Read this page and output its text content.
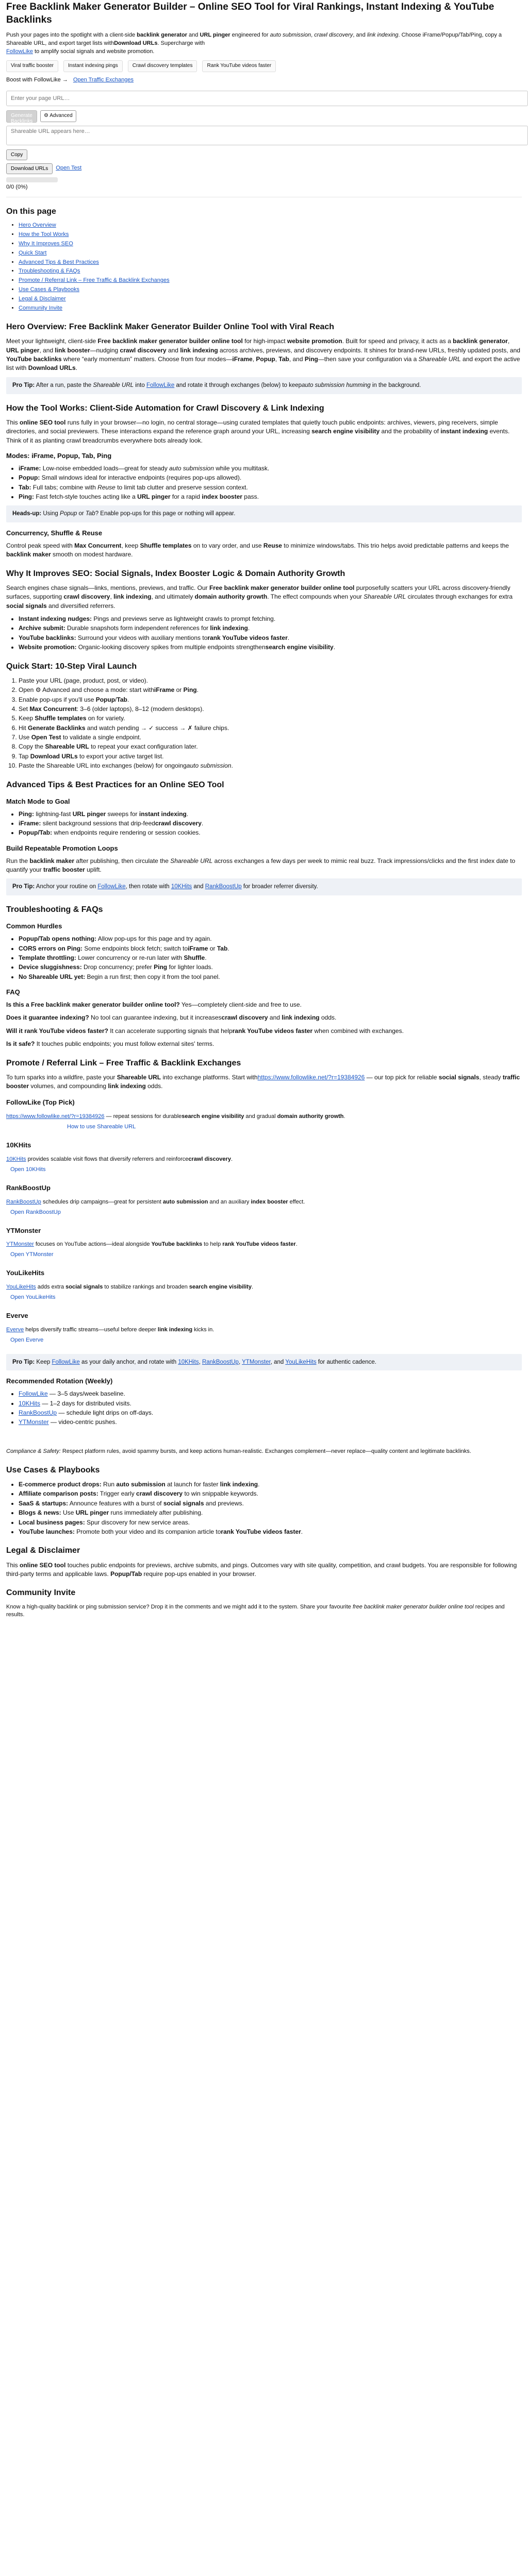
Free Backlink Maker Generator Builder – Online SEO Tool for Viral Rankings, Instant Indexing & YouTube Backlinks

Push your pages into the spotlight with a client-side backlink generator and URL pinger engineered for auto submission, crawl discovery, and link indexing. Choose iFrame/Popup/Tab/Ping, copy a Shareable URL, and export target lists withDownload URLs. Supercharge with
FollowLike to amplify social signals and website promotion.

Viral traffic booster	Instant indexing pings	Crawl discovery templates	Rank YouTube videos faster
Boost with FollowLike → Open Traffic Exchanges
Enter your page URL…
Generate Backlinks
⚙ Advanced
Shareable URL appears here…
Copy
Download URLs	Open Test
0/0 (0%)
On this page
• Hero Overview
• How the Tool Works
• Why It Improves SEO
• Quick Start
• Advanced Tips & Best Practices
• Troubleshooting & FAQs
• Promote / Referral Link – Free Traffic & Backlink Exchanges
• Use Cases & Playbooks
• Legal & Disclaimer
• Community Invite
Hero Overview: Free Backlink Maker Generator Builder Online Tool with Viral Reach

Meet your lightweight, client-side Free backlink maker generator builder online tool for high-impact website promotion. Built for speed and privacy, it acts as a backlink generator, URL pinger, and link booster—nudging crawl discovery and link indexing across archives, previews, and discovery endpoints. It shines for brand-new URLs, freshly updated posts, and YouTube backlinks where “early momentum” matters. Choose from four modes—iFrame, Popup, Tab, and Ping—then save your configuration via a Shareable URL and export the active list with Download URLs.

Pro Tip: After a run, paste the Shareable URL into FollowLike and rotate it through exchanges (below) to keepauto submission humming in the background.
How the Tool Works: Client-Side Automation for Crawl Discovery & Link Indexing

This online SEO tool runs fully in your browser—no login, no central storage—using curated templates that quietly touch public endpoints: archives, viewers, ping receivers, simple directories, and social previewers. These interactions expand the reference graph around your URL, increasing search engine visibility and the probability of instant indexing events. Think of it as planting crawl breadcrumbs everywhere bots already look.

Modes: iFrame, Popup, Tab, Ping
• iFrame: Low-noise embedded loads—great for steady auto submission while you multitask.
• Popup: Small windows ideal for interactive endpoints (requires pop-ups allowed).
• Tab: Full tabs; combine with Reuse to limit tab clutter and preserve session context.
• Ping: Fast fetch-style touches acting like a URL pinger for a rapid index booster pass.
Heads-up: Using Popup or Tab? Enable pop-ups for this page or nothing will appear.
Concurrency, Shuffle & Reuse

Control peak speed with Max Concurrent, keep Shuffle templates on to vary order, and use Reuse to minimize windows/tabs. This trio helps avoid predictable patterns and keeps the backlink maker smooth on modest hardware.

Why It Improves SEO: Social Signals, Index Booster Logic & Domain Authority Growth

Search engines chase signals—links, mentions, previews, and traffic. Our Free backlink maker generator builder online tool purposefully scatters your URL across discovery-friendly surfaces, supporting crawl discovery, link indexing, and ultimately domain authority growth. The effect compounds when your Shareable URL circulates through exchanges for extra social signals and diversified referrers.

• Instant indexing nudges: Pings and previews serve as lightweight crawls to prompt fetching.
• Archive submit: Durable snapshots form independent references for link indexing.
• YouTube backlinks: Surround your videos with auxiliary mentions torank YouTube videos faster.
• Website promotion: Organic-looking discovery spikes from multiple endpoints strengthensearch engine visibility.
Quick Start: 10-Step Viral Launch
1. Paste your URL (page, product, post, or video).
2. Open ⚙ Advanced and choose a mode: start withiFrame or Ping.
3. Enable pop-ups if you'll use Popup/Tab.
4. Set Max Concurrent: 3–6 (older laptops), 8–12 (modern desktops).
5. Keep Shuffle templates on for variety.
6. Hit Generate Backlinks and watch pending → ✓ success → ✗ failure chips.
7. Use Open Test to validate a single endpoint.
8. Copy the Shareable URL to repeat your exact configuration later.
9. Tap Download URLs to export your active target list.
10. Paste the Shareable URL into exchanges (below) for ongoingauto submission.
Advanced Tips & Best Practices for an Online SEO Tool
Match Mode to Goal
• Ping: lightning-fast URL pinger sweeps for instant indexing.
• iFrame: silent background sessions that drip-feedcrawl discovery.
• Popup/Tab: when endpoints require rendering or session cookies.
Build Repeatable Promotion Loops

Run the backlink maker after publishing, then circulate the Shareable URL across exchanges a few days per week to mimic real buzz. Track impressions/clicks and the first index date to quantify your traffic booster uplift.

Pro Tip: Anchor your routine on FollowLike, then rotate with 10KHits and RankBoostUp for broader referrer diversity.
Troubleshooting & FAQs
Common Hurdles
• Popup/Tab opens nothing: Allow pop-ups for this page and try again.
• CORS errors on Ping: Some endpoints block fetch; switch toiFrame or Tab.
• Template throttling: Lower concurrency or re-run later with Shuffle.
• Device sluggishness: Drop concurrency; prefer Ping for lighter loads.
• No Shareable URL yet: Begin a run first; then copy it from the tool panel.
FAQ

Is this a Free backlink maker generator builder online tool? Yes—completely client-side and free to use.

Does it guarantee indexing? No tool can guarantee indexing, but it increasescrawl discovery and link indexing odds.

Will it rank YouTube videos faster? It can accelerate supporting signals that helprank YouTube videos faster when combined with exchanges.

Is it safe? It touches public endpoints; you must follow external sites' terms.

Promote / Referral Link – Free Traffic & Backlink Exchanges

To turn sparks into a wildfire, paste your Shareable URL into exchange platforms. Start withhttps://www.followlike.net/?r=19384926 — our top pick for reliable social signals, steady traffic booster volumes, and compounding link indexing odds.

FollowLike (Top Pick)
https://www.followlike.net/?r=19384926 — repeat sessions for durablesearch engine visibility and gradual domain authority growth.
How to use Shareable URL
10KHits
10KHits provides scalable visit flows that diversify referrers and reinforcecrawl discovery.
Open 10KHits
RankBoostUp
RankBoostUp schedules drip campaigns—great for persistent auto submission and an auxiliary index booster effect.
Open RankBoostUp
YTMonster
YTMonster focuses on YouTube actions—ideal alongside YouTube backlinks to help rank YouTube videos faster.
Open YTMonster
YouLikeHits
YouLikeHits adds extra social signals to stabilize rankings and broaden search engine visibility.
Open YouLikeHits
Everve
Everve helps diversify traffic streams—useful before deeper link indexing kicks in.
Open Everve
Pro Tip: Keep FollowLike as your daily anchor, and rotate with 10KHits, RankBoostUp, YTMonster, and YouLikeHits for authentic cadence.
Recommended Rotation (Weekly)
• FollowLike — 3–5 days/week baseline.
• 10KHits — 1–2 days for distributed visits.
• RankBoostUp — schedule light drips on off-days.
• YTMonster — video-centric pushes.

Compliance & Safety: Respect platform rules, avoid spammy bursts, and keep actions human-realistic. Exchanges complement—never replace—quality content and legitimate backlinks.

Use Cases & Playbooks
• E-commerce product drops: Run auto submission at launch for faster link indexing.
• Affiliate comparison posts: Trigger early crawl discovery to win snippable keywords.
• SaaS & startups: Announce features with a burst of social signals and previews.
• Blogs & news: Use URL pinger runs immediately after publishing.
• Local business pages: Spur discovery for new service areas.
• YouTube launches: Promote both your video and its companion article torank YouTube videos faster.
Legal & Disclaimer

This online SEO tool touches public endpoints for previews, archive submits, and pings. Outcomes vary with site quality, competition, and crawl budgets. You are responsible for following third-party terms and applicable laws. Popup/Tab require pop-ups enabled in your browser.

Community Invite

Know a high-quality backlink or ping submission service? Drop it in the comments and we might add it to the system. Share your favourite free backlink maker generator builder online tool recipes and results.
